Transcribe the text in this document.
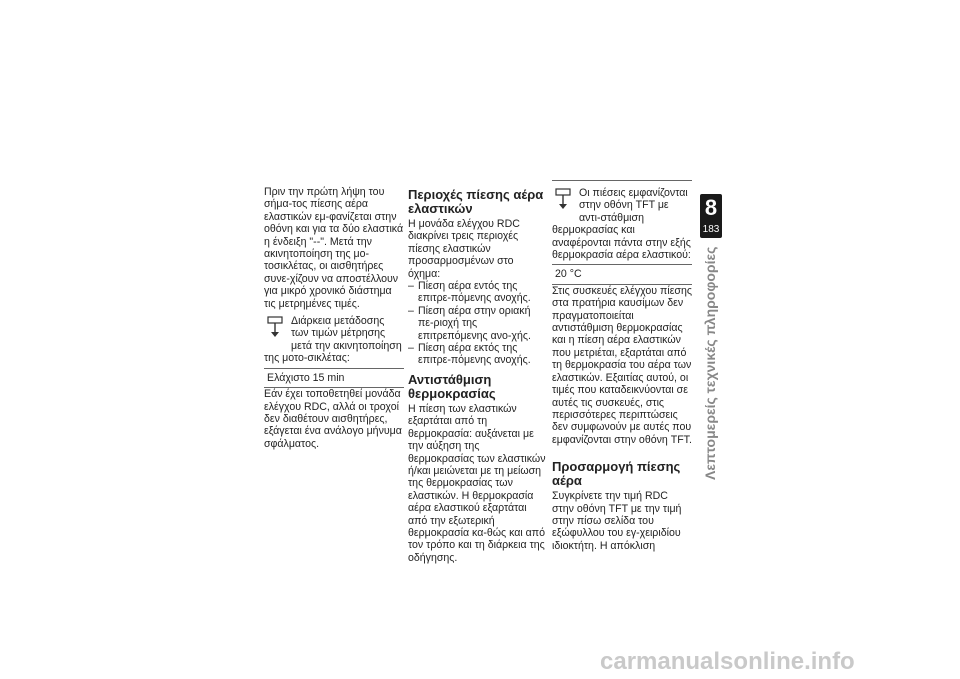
Πριν την πρώτη λήψη του σήμα-τος πίεσης αέρα ελαστικών εμ-φανίζεται στην οθόνη και για τα δύο ελαστικά η ένδειξη "--". Μετά την ακινητοποίηση της μο-τοσικλέτας, οι αισθητήρες συνε-χίζουν να αποστέλλουν για μικρό χρονικό διάστημα τις μετρημένες τιμές.

Διάρκεια μετάδοσης των τιμών μέτρησης μετά την ακινητοποίηση της μοτο-σικλέτας:
Ελάχιστο 15 min

Εάν έχει τοποθετηθεί μονάδα ελέγχου RDC, αλλά οι τροχοί δεν διαθέτουν αισθητήρες, εξάγεται ένα ανάλογο μήνυμα σφάλματος.

Περιοχές πίεσης αέρα ελαστικών

Η μονάδα ελέγχου RDC διακρίνει τρεις περιοχές πίεσης ελαστικών προσαρμοσμένων στο όχημα:

– Πίεση αέρα εντός της επιτρε-πόμενης ανοχής.
– Πίεση αέρα στην οριακή πε-ριοχή της επιτρεπόμενης ανο-χής.
– Πίεση αέρα εκτός της επιτρε-πόμενης ανοχής.
Αντιστάθμιση θερμοκρασίας

Η πίεση των ελαστικών εξαρτάται από τη θερμοκρασία: αυξάνεται με την αύξηση της θερμοκρασίας των ελαστικών ή/και μειώνεται με τη μείωση της θερμοκρασίας των ελαστικών. Η θερμοκρασία αέρα ελαστικού εξαρτάται από την εξωτερική θερμοκρασία κα-θώς και από τον τρόπο και τη διάρκεια της οδήγησης.

Οι πιέσεις εμφανίζονται στην οθόνη TFT με αντι-στάθμιση θερμοκρασίας και αναφέρονται πάντα στην εξής θερμοκρασία αέρα ελαστικού:
20 °C

Στις συσκευές ελέγχου πίεσης στα πρατήρια καυσίμων δεν πραγματοποιείται αντιστάθμιση θερμοκρασίας και η πίεση αέρα ελαστικών που μετριέται, εξαρτάται από τη θερμοκρασία του αέρα των ελαστικών. Εξαιτίας αυτού, οι τιμές που καταδεικνύονται σε αυτές τις συσκευές, στις περισσότερες περιπτώσεις δεν συμφωνούν με αυτές που εμφανίζονται στην οθόνη TFT.

Προσαρμογή πίεσης αέρα

Συγκρίνετε την τιμή RDC στην οθόνη TFT με την τιμή στην πίσω σελίδα του εξώφυλλου του εγ-χειριδίου ιδιοκτήτη. Η απόκλιση

8
183
Λεπτομερείς τεχνικές πληροφορίες
carmanualsonline.info
